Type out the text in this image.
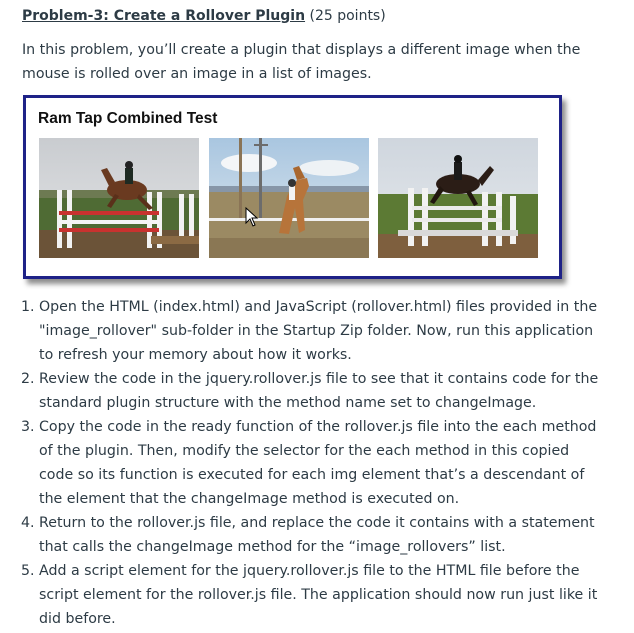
Problem-3: Create a Rollover Plugin (25 points)

In this problem, you’ll create a plugin that displays a different image when the mouse is rolled over an image in a list of images.

Ram Tap Combined Test
1. Open the HTML (index.html) and JavaScript (rollover.html) files provided in the "image_rollover" sub-folder in the Startup Zip folder. Now, run this application to refresh your memory about how it works.
2. Review the code in the jquery.rollover.js file to see that it contains code for the standard plugin structure with the method name set to changeImage.
3. Copy the code in the ready function of the rollover.js file into the each method of the plugin. Then, modify the selector for the each method in this copied code so its function is executed for each img element that’s a descendant of the element that the changeImage method is executed on.
4. Return to the rollover.js file, and replace the code it contains with a statement that calls the changeImage method for the “image_rollovers” list.
5. Add a script element for the jquery.rollover.js file to the HTML file before the script element for the rollover.js file. The application should now run just like it did before.
